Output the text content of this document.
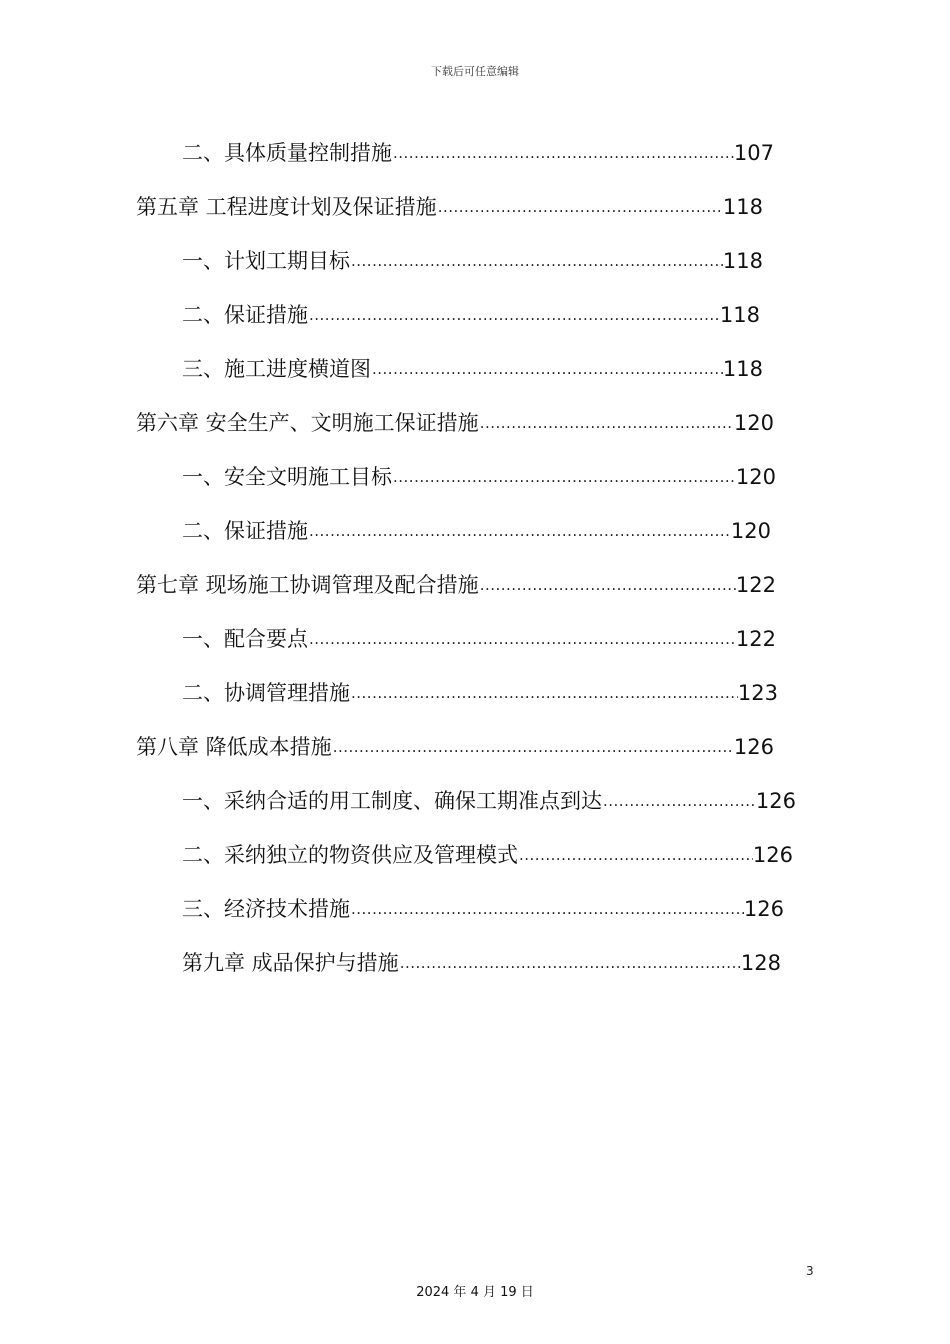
下载后可任意编辑
二、具体质量控制措施 .....	107
第五章 工程进度计划及保证措施 .....	118
一、计划工期目标 .....	118
二、保证措施 .....	118
三、施工进度横道图 .....	118
第六章 安全生产、文明施工保证措施 .....	120
一、安全文明施工目标 .....	120
二、保证措施 .....	120
第七章 现场施工协调管理及配合措施 .....	122
一、配合要点 .....	122
二、协调管理措施 .....	123
第八章 降低成本措施 .....	126
一、采纳合适的用工制度、确保工期准点到达 .....	126
二、采纳独立的物资供应及管理模式 .....	126
三、经济技术措施 .....	126
第九章 成品保护与措施 .....	128
3
2024 年 4 月 19 日
